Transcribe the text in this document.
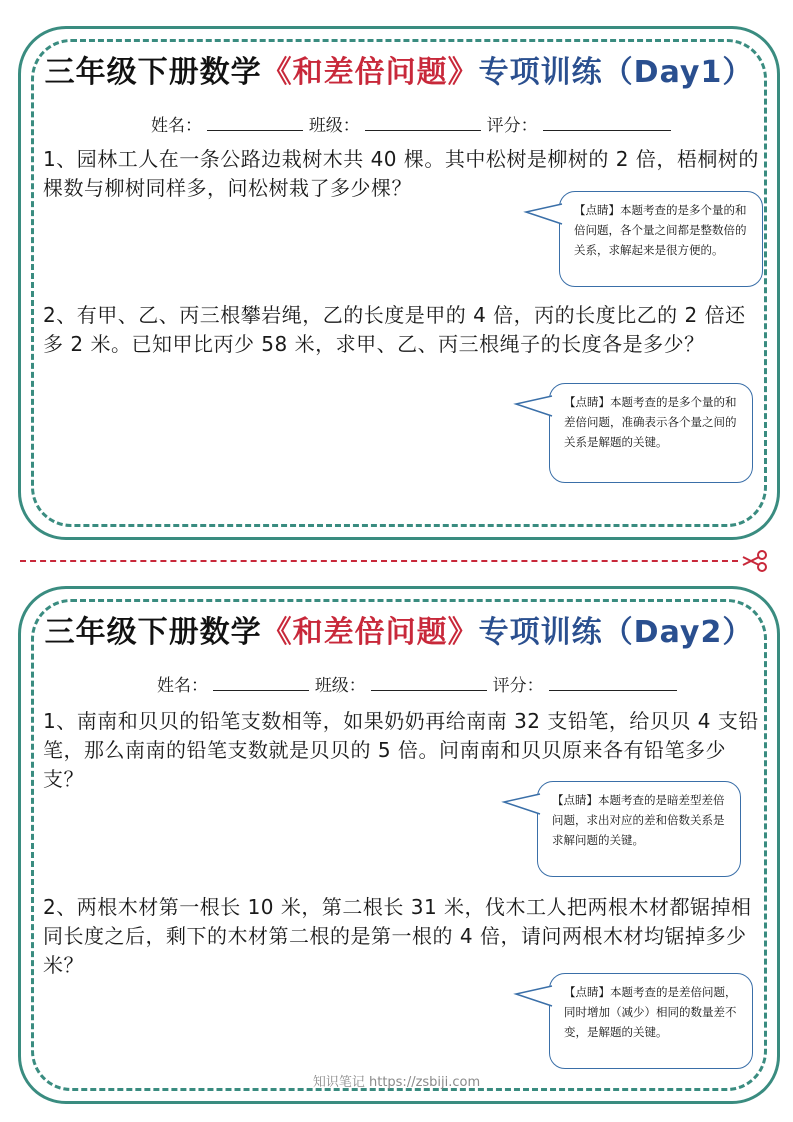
三年级下册数学《和差倍问题》专项训练（Day1）
姓名：	班级：	评分：
1、园林工人在一条公路边栽树木共 40 棵。其中松树是柳树的 2 倍，梧桐树的棵数与柳树同样多，问松树栽了多少棵？
【点睛】本题考查的是多个量的和倍问题，各个量之间都是整数倍的关系，求解起来是很方便的。
2、有甲、乙、丙三根攀岩绳，乙的长度是甲的 4 倍，丙的长度比乙的 2 倍还多 2 米。已知甲比丙少 58 米，求甲、乙、丙三根绳子的长度各是多少？
【点睛】本题考查的是多个量的和差倍问题，准确表示各个量之间的关系是解题的关键。
三年级下册数学《和差倍问题》专项训练（Day2）
姓名：	班级：	评分：
1、南南和贝贝的铅笔支数相等，如果奶奶再给南南 32 支铅笔，给贝贝 4 支铅笔，那么南南的铅笔支数就是贝贝的 5 倍。问南南和贝贝原来各有铅笔多少支？
【点睛】本题考查的是暗差型差倍问题，求出对应的差和倍数关系是求解问题的关键。
2、两根木材第一根长 10 米，第二根长 31 米，伐木工人把两根木材都锯掉相同长度之后，剩下的木材第二根的是第一根的 4 倍，请问两根木材均锯掉多少米？
【点睛】本题考查的是差倍问题，同时增加（减少）相同的数量差不变，是解题的关键。
知识笔记 https://zsbiji.com
